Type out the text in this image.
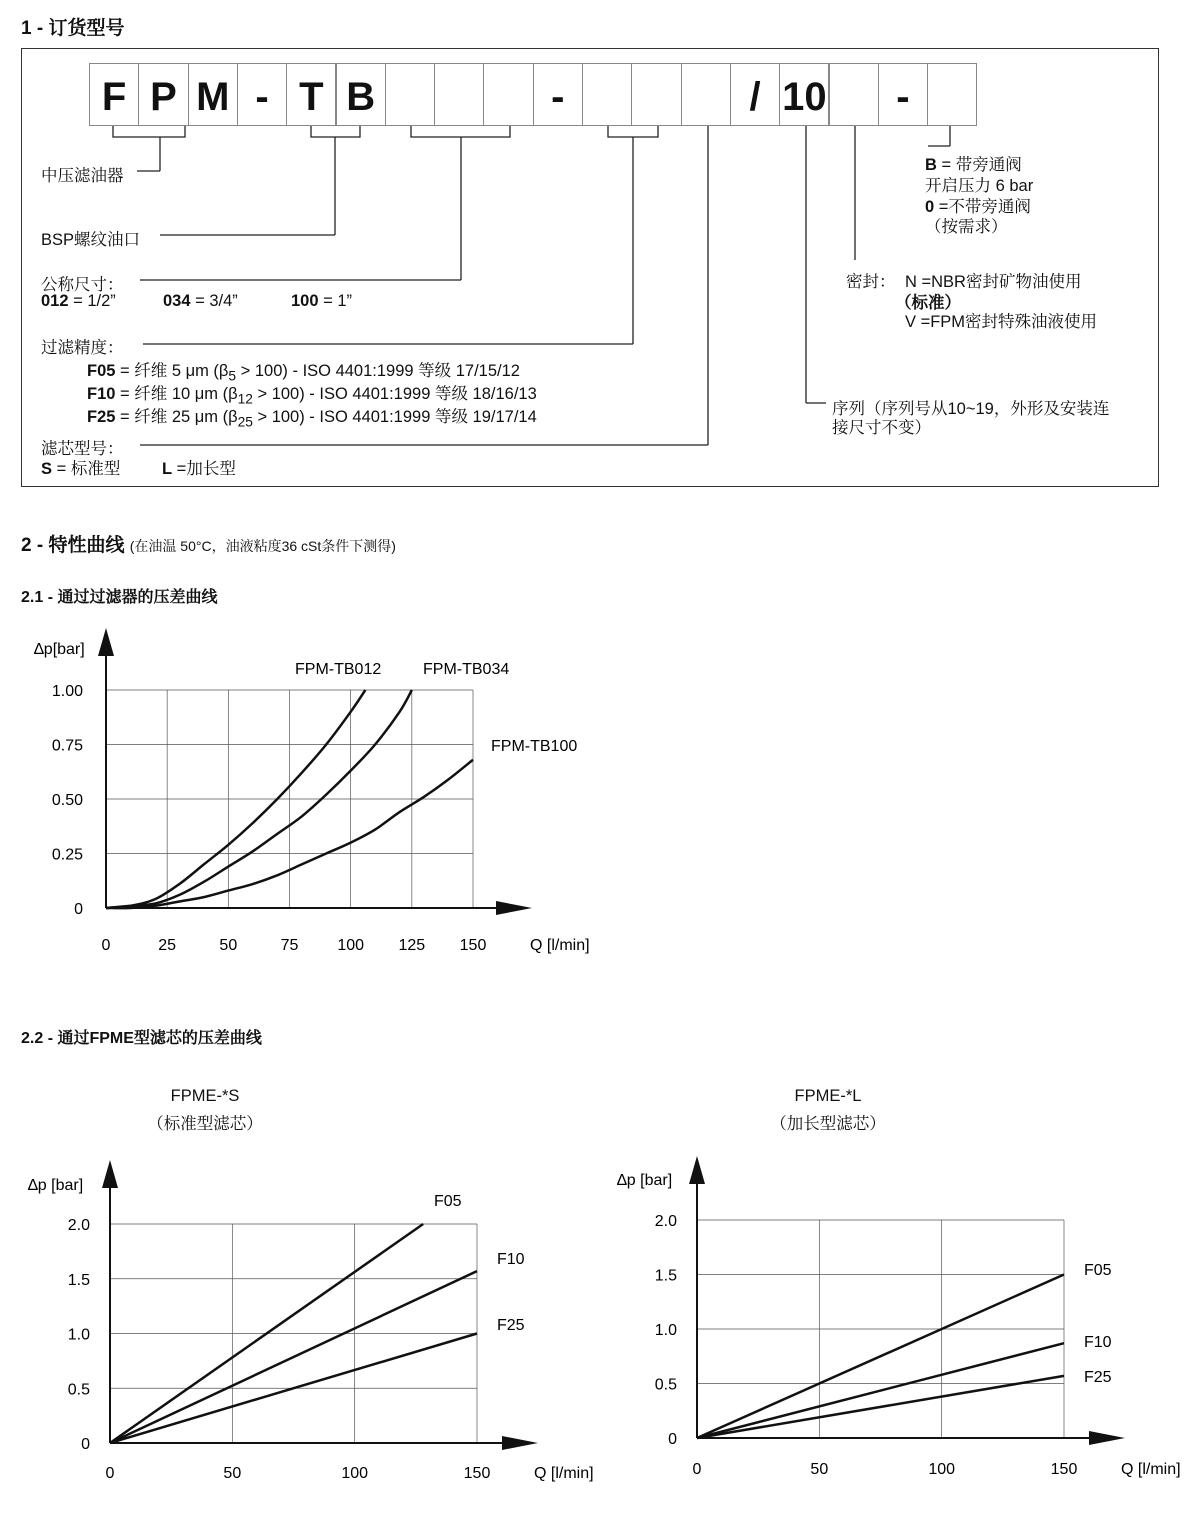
1 - 订货型号
F P M - T B	-	/ 10	-
中压滤油器
BSP螺纹油口
公称尺寸：
012 = 1/2”	034 = 3/4”	100 = 1”
过滤精度：
F05 = 纤维 5 μm $(\beta_5 > 100)$ - ISO 4401:1999 等级 17/15/12
F10 = 纤维 10 μm $(\beta_{12} > 100)$ - ISO 4401:1999 等级 18/16/13
F25 = 纤维 25 μm $(\beta_{25} > 100)$ - ISO 4401:1999 等级 19/17/14
滤芯型号：
S = 标准型	L =加长型
B = 带旁通阀
开启压力 6 bar
0 =不带旁通阀
（按需求）
密封： N =NBR密封矿物油使用
（标准）
V =FPM密封特殊油液使用
序列（序列号从10~19，外形及安装连
接尺寸不变）
2 - 特性曲线 (在油温 50°C，油液粘度36 cSt条件下测得)
2.1 - 通过过滤器的压差曲线
2.2 - 通过FPME型滤芯的压差曲线
FPME-*S
（标准型滤芯）
FPME-*L
（加长型滤芯）
0	25	50	75 100 125 150
0
0.25
0.50
0.75
1.00
Q [l/min]
∆p[bar]
FPM-TB012	FPM-TB034
FPM-TB100
0	50	100	150
0
0.5
1.0
1.5
2.0
Q [l/min]
∆p [bar]
F05
F10
F25
0	50	100	150
0
0.5
1.0
1.5
2.0
Q [l/min]
∆p [bar]
F05
F10
F25
